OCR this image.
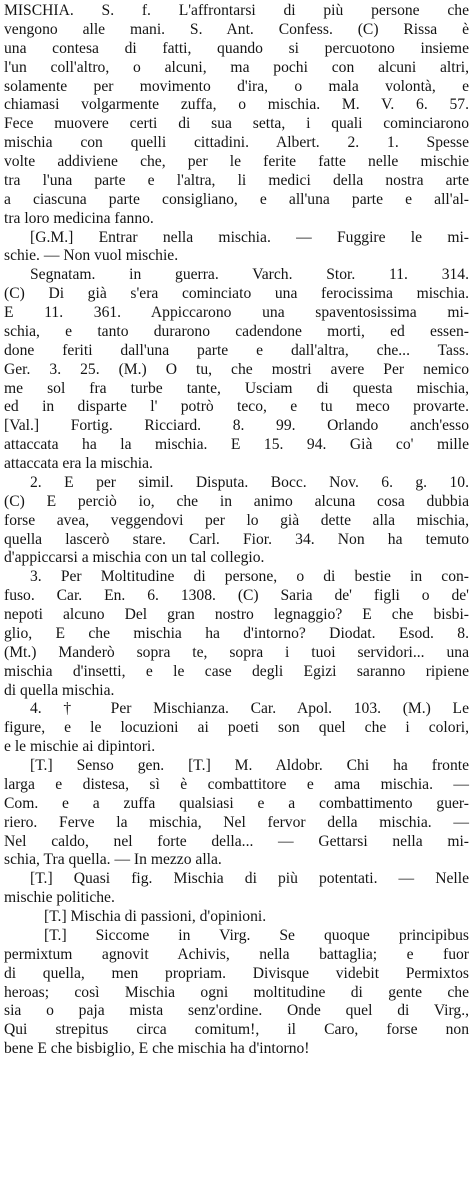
MISCHIA. S. f. L'affrontarsi di più persone che
vengono alle mani. S. Ant. Confess. (C) Rissa è
una contesa di fatti, quando si percuotono insieme
l'un coll'altro, o alcuni, ma pochi con alcuni altri,
solamente per movimento d'ira, o mala volontà, e
chiamasi volgarmente zuffa, o mischia. M. V. 6. 57.
Fece muovere certi di sua setta, i quali cominciarono
mischia con quelli cittadini. Albert. 2. 1. Spesse
volte addiviene che, per le ferite fatte nelle mischie
tra l'una parte e l'altra, li medici della nostra arte
a ciascuna parte consigliano, e all'una parte e all'al-
tra loro medicina fanno.
[G.M.] Entrar nella mischia. — Fuggire le mi-
schie. — Non vuol mischie.
Segnatam. in guerra. Varch. Stor. 11. 314.
(C) Di già s'era cominciato una ferocissima mischia.
E 11. 361. Appiccarono una spaventosissima mi-
schia, e tanto durarono cadendone morti, ed essen-
done feriti dall'una parte e dall'altra, che... Tass.
Ger. 3. 25. (M.) O tu, che mostri avere Per nemico
me sol fra turbe tante, Usciam di questa mischia,
ed in disparte l' potrò teco, e tu meco provarte.
[Val.] Fortig. Ricciard. 8. 99. Orlando anch'esso
attaccata ha la mischia. E 15. 94. Già co' mille
attaccata era la mischia.
2. E per simil. Disputa. Bocc. Nov. 6. g. 10.
(C) E perciò io, che in animo alcuna cosa dubbia
forse avea, veggendovi per lo già dette alla mischia,
quella lascerò stare. Carl. Fior. 34. Non ha temuto
d'appiccarsi a mischia con un tal collegio.
3. Per Moltitudine di persone, o di bestie in con-
fuso. Car. En. 6. 1308. (C) Saria de' figli o de'
nepoti alcuno Del gran nostro legnaggio? E che bisbi-
glio, E che mischia ha d'intorno? Diodat. Esod. 8.
(Mt.) Manderò sopra te, sopra i tuoi servidori... una
mischia d'insetti, e le case degli Egizi saranno ripiene
di quella mischia.
4. † Per Mischianza. Car. Apol. 103. (M.) Le
figure, e le locuzioni ai poeti son quel che i colori,
e le mischie ai dipintori.
[T.] Senso gen. [T.] M. Aldobr. Chi ha fronte
larga e distesa, sì è combattitore e ama mischia. —
Com. e a zuffa qualsiasi e a combattimento guer-
riero. Ferve la mischia, Nel fervor della mischia. —
Nel caldo, nel forte della... — Gettarsi nella mi-
schia, Tra quella. — In mezzo alla.
[T.] Quasi fig. Mischia di più potentati. — Nelle
mischie politiche.
[T.] Mischia di passioni, d'opinioni.
[T.] Siccome in Virg. Se quoque principibus
permixtum agnovit Achivis, nella battaglia; e fuor
di quella, men propriam. Divisque videbit Permixtos
heroas; così Mischia ogni moltitudine di gente che
sia o paja mista senz'ordine. Onde quel di Virg.,
Qui strepitus circa comitum!, il Caro, forse non
bene E che bisbiglio, E che mischia ha d'intorno!
